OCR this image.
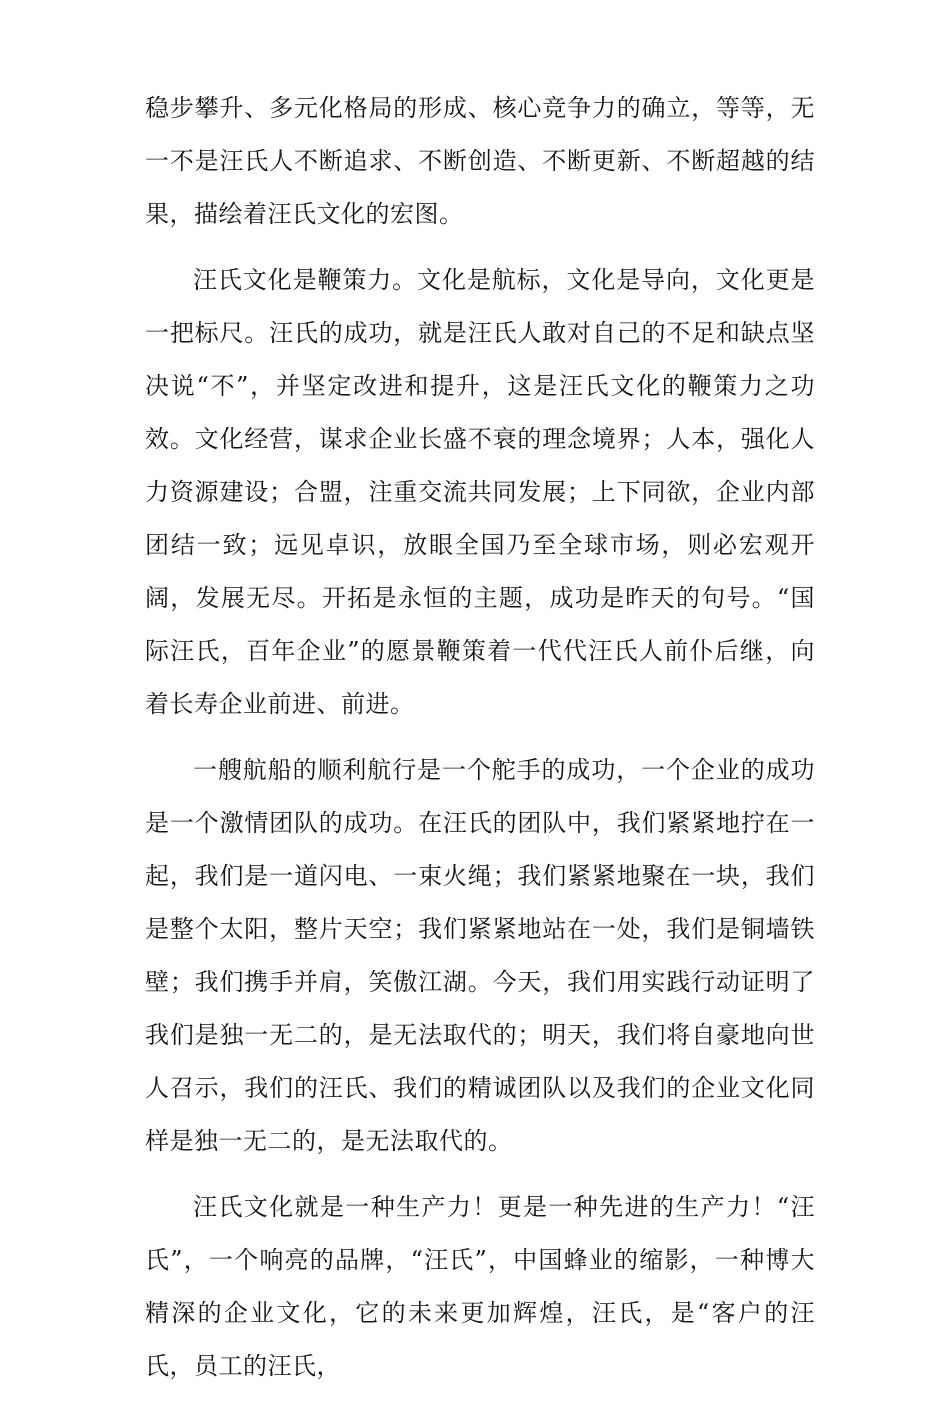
稳步攀升、多元化格局的形成、核心竞争力的确立，等等，无一不是汪氏人不断追求、不断创造、不断更新、不断超越的结果，描绘着汪氏文化的宏图。

汪氏文化是鞭策力。文化是航标，文化是导向，文化更是一把标尺。汪氏的成功，就是汪氏人敢对自己的不足和缺点坚决说“不”，并坚定改进和提升，这是汪氏文化的鞭策力之功效。文化经营，谋求企业长盛不衰的理念境界；人本，强化人力资源建设；合盟，注重交流共同发展；上下同欲，企业内部团结一致；远见卓识，放眼全国乃至全球市场，则必宏观开阔，发展无尽。开拓是永恒的主题，成功是昨天的句号。“国际汪氏，百年企业”的愿景鞭策着一代代汪氏人前仆后继，向着长寿企业前进、前进。

一艘航船的顺利航行是一个舵手的成功，一个企业的成功是一个激情团队的成功。在汪氏的团队中，我们紧紧地拧在一起，我们是一道闪电、一束火绳；我们紧紧地聚在一块，我们是整个太阳，整片天空；我们紧紧地站在一处，我们是铜墙铁壁；我们携手并肩，笑傲江湖。今天，我们用实践行动证明了我们是独一无二的，是无法取代的；明天，我们将自豪地向世人召示，我们的汪氏、我们的精诚团队以及我们的企业文化同样是独一无二的，是无法取代的。

汪氏文化就是一种生产力！更是一种先进的生产力！“汪氏”，一个响亮的品牌，“汪氏”，中国蜂业的缩影，一种博大精深的企业文化，它的未来更加辉煌，汪氏，是“客户的汪氏，员工的汪氏，
